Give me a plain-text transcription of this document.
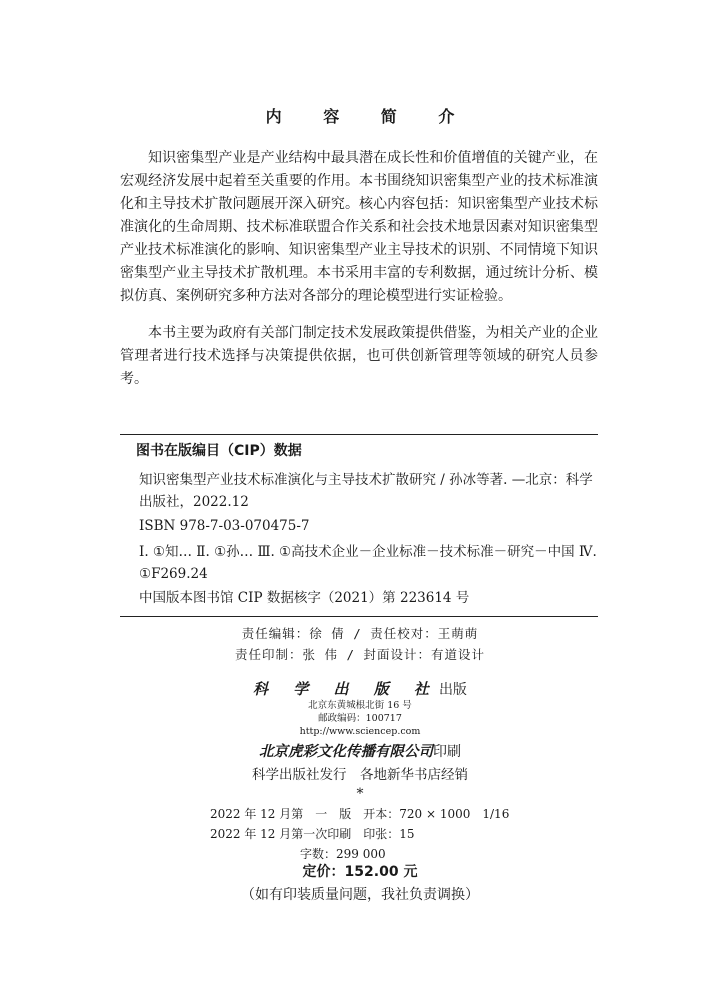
内 容 简 介

知识密集型产业是产业结构中最具潜在成长性和价值增值的关键产业，在宏观经济发展中起着至关重要的作用。本书围绕知识密集型产业的技术标准演化和主导技术扩散问题展开深入研究。核心内容包括：知识密集型产业技术标准演化的生命周期、技术标准联盟合作关系和社会技术地景因素对知识密集型产业技术标准演化的影响、知识密集型产业主导技术的识别、不同情境下知识密集型产业主导技术扩散机理。本书采用丰富的专利数据，通过统计分析、模拟仿真、案例研究多种方法对各部分的理论模型进行实证检验。

本书主要为政府有关部门制定技术发展政策提供借鉴，为相关产业的企业管理者进行技术选择与决策提供依据，也可供创新管理等领域的研究人员参考。

图书在版编目（CIP）数据

知识密集型产业技术标准演化与主导技术扩散研究 / 孙冰等著. —北京：科学出版社，2022.12

ISBN 978-7-03-070475-7

Ⅰ. ①知… Ⅱ. ①孙… Ⅲ. ①高技术企业－企业标准－技术标准－研究－中国 Ⅳ. ①F269.24

中国版本图书馆 CIP 数据核字（2021）第 223614 号

责任编辑：徐 倩 / 责任校对：王萌萌

责任印制：张 伟 / 封面设计：有道设计

科 学 出 版 社出版

北京东黄城根北街 16 号

邮政编码：100717

http://www.sciencep.com

北京虎彩文化传播有限公司印刷

科学出版社发行　各地新华书店经销

*

2022 年 12 月第　一　版　开本：720 × 1000　1/16

2022 年 12 月第一次印刷　印张：15

字数：299 000

定价：152.00 元

（如有印装质量问题，我社负责调换）
